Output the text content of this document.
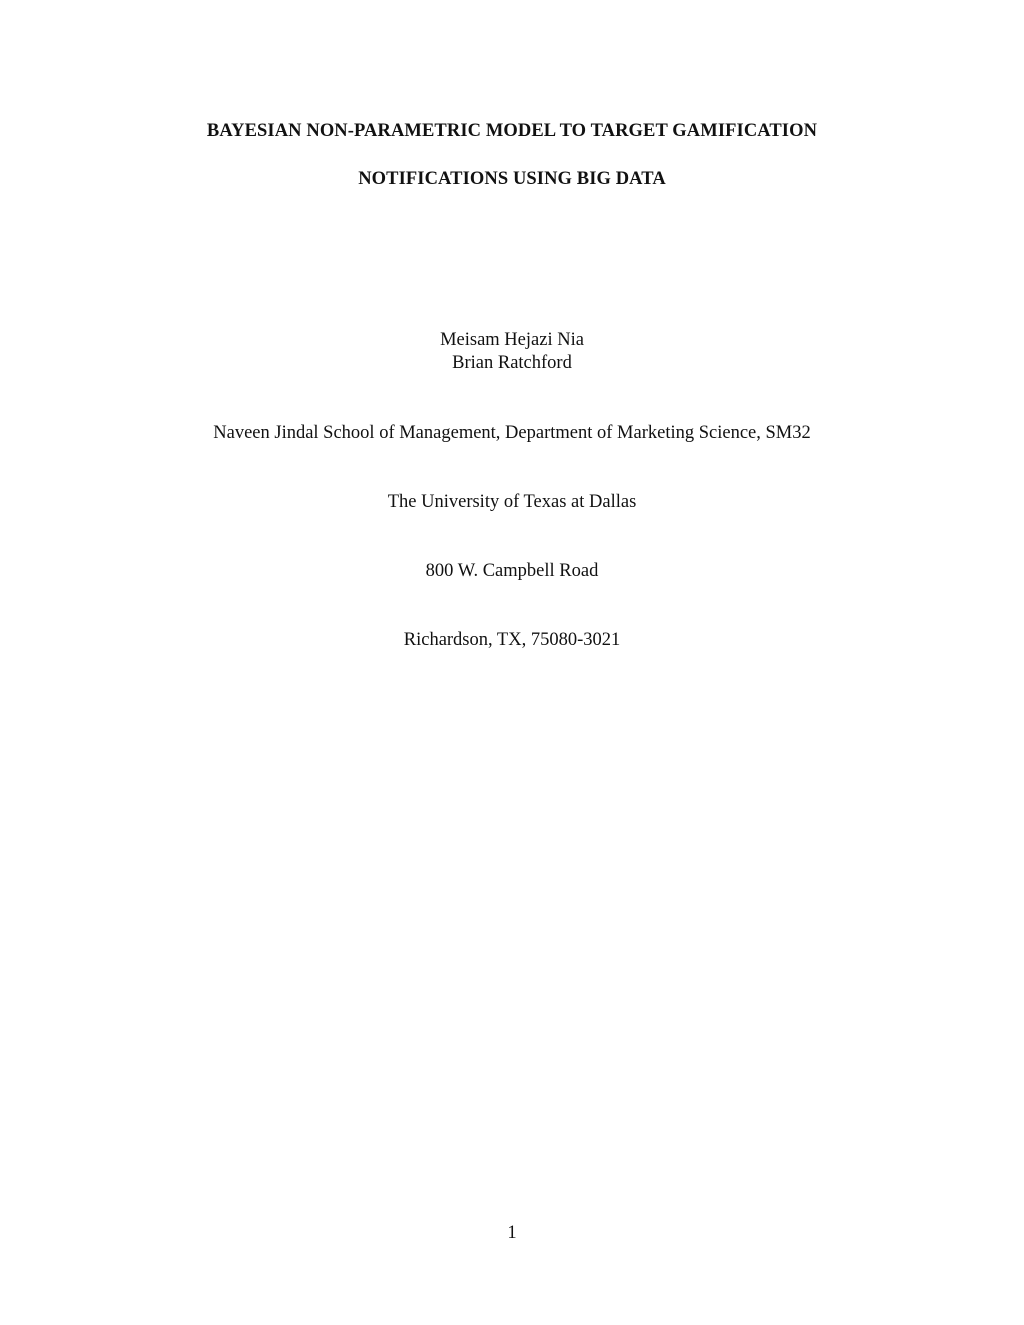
BAYESIAN NON-PARAMETRIC MODEL TO TARGET GAMIFICATION
NOTIFICATIONS USING BIG DATA
Meisam Hejazi Nia
Brian Ratchford
Naveen Jindal School of Management, Department of Marketing Science, SM32
The University of Texas at Dallas
800 W. Campbell Road
Richardson, TX, 75080-3021
1
